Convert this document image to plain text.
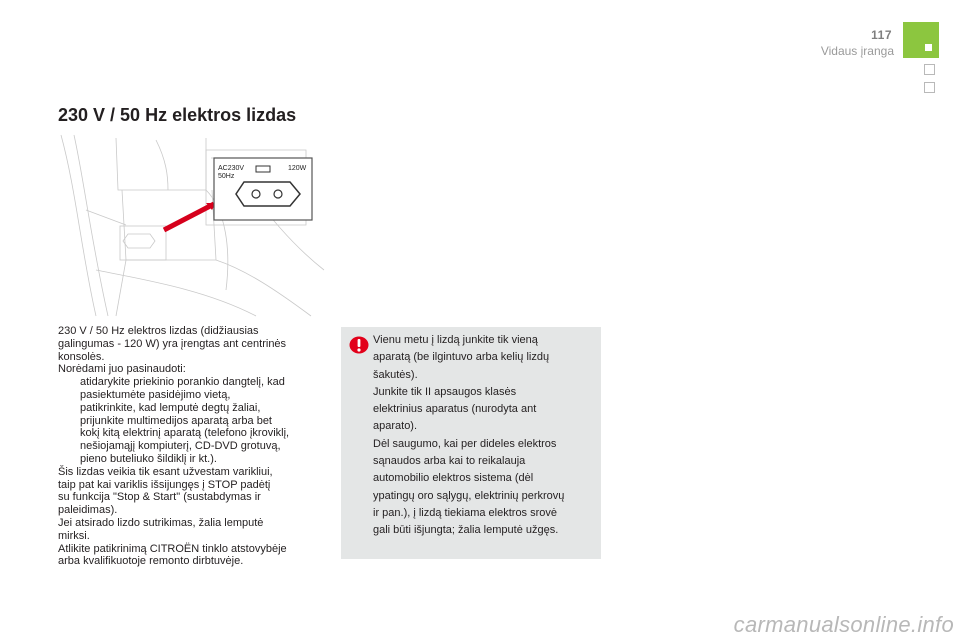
117
Vidaus įranga
230 V / 50 Hz elektros lizdas
AC230V
50Hz
120W
230 V / 50 Hz elektros lizdas (didžiausias
galingumas - 120 W) yra įrengtas ant centrinės
konsolės.
Norėdami juo pasinaudoti:
atidarykite priekinio porankio dangtelį, kad
pasiektumėte pasidėjimo vietą,
patikrinkite, kad lemputė degtų žaliai,
prijunkite multimedijos aparatą arba bet
kokį kitą elektrinį aparatą (telefono įkroviklį,
nešiojamąjį kompiuterį, CD-DVD grotuvą,
pieno buteliuko šildiklį ir kt.).
Šis lizdas veikia tik esant užvestam varikliui,
taip pat kai variklis išsijungęs į STOP padėtį
su funkcija "Stop & Start" (sustabdymas ir
paleidimas).
Jei atsirado lizdo sutrikimas, žalia lemputė
mirksi.
Atlikite patikrinimą CITROËN tinklo atstovybėje
arba kvalifikuotoje remonto dirbtuvėje.
Vienu metu į lizdą junkite tik vieną
aparatą (be ilgintuvo arba kelių lizdų
šakutės).
Junkite tik II apsaugos klasės
elektrinius aparatus (nurodyta ant
aparato).
Dėl saugumo, kai per dideles elektros
sąnaudos arba kai to reikalauja
automobilio elektros sistema (dėl
ypatingų oro sąlygų, elektrinių perkrovų
ir pan.), į lizdą tiekiama elektros srovė
gali būti išjungta; žalia lemputė užgęs.
carmanualsonline.info
